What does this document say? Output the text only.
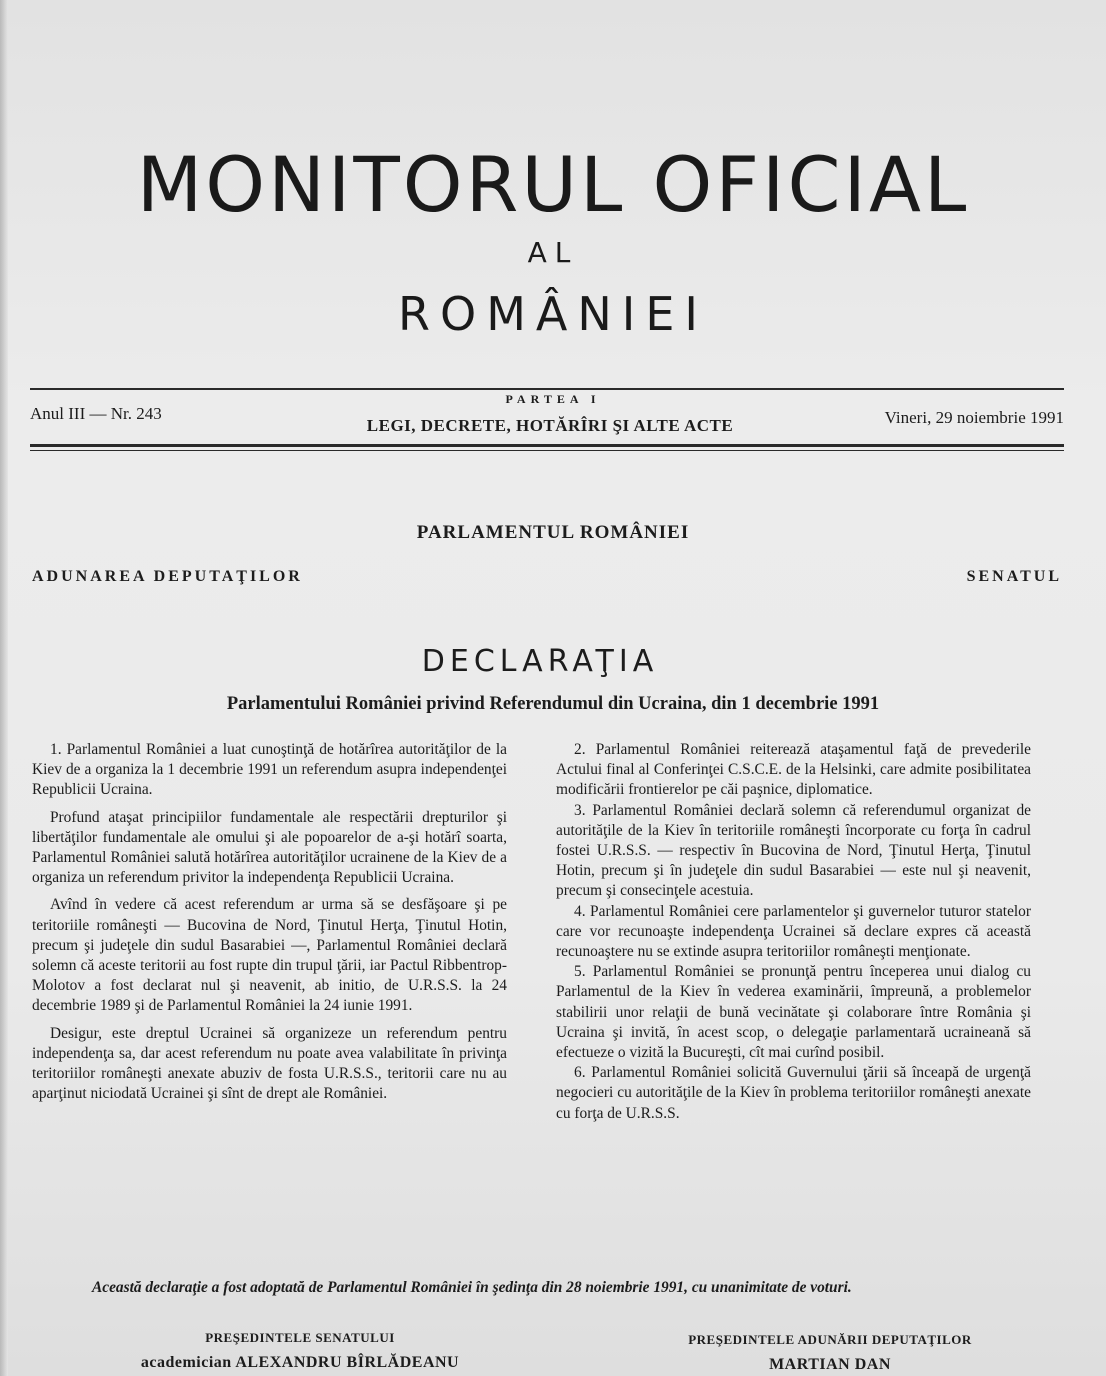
MONITORUL OFICIAL
AL
ROMÂNIEI
Anul III — Nr. 243
PARTEA I
LEGI, DECRETE, HOTĂRÎRI ŞI ALTE ACTE	Vineri, 29 noiembrie 1991
PARLAMENTUL ROMÂNIEI
ADUNAREA DEPUTAŢILOR	SENATUL
DECLARAŢIA
Parlamentului României privind Referendumul din Ucraina, din 1 decembrie 1991

1. Parlamentul României a luat cunoştinţă de hotărîrea autorităţilor de la Kiev de a organiza la 1 decembrie 1991 un referendum asupra independenţei Republicii Ucraina.

Profund ataşat principiilor fundamentale ale respectării drepturilor şi libertăţilor fundamentale ale omului şi ale popoarelor de a-şi hotărî soarta, Parlamentul României salută hotărîrea autorităţilor ucrainene de la Kiev de a organiza un referendum privitor la independenţa Republicii Ucraina.

Avînd în vedere că acest referendum ar urma să se desfăşoare şi pe teritoriile româneşti — Bucovina de Nord, Ţinutul Herţa, Ţinutul Hotin, precum şi judeţele din sudul Basarabiei —, Parlamentul României declară solemn că aceste teritorii au fost rupte din trupul ţării, iar Pactul Ribbentrop-Molotov a fost declarat nul şi neavenit, ab initio, de U.R.S.S. la 24 decembrie 1989 şi de Parlamentul României la 24 iunie 1991.

Desigur, este dreptul Ucrainei să organizeze un referendum pentru independenţa sa, dar acest referendum nu poate avea valabilitate în privinţa teritoriilor româneşti anexate abuziv de fosta U.R.S.S., teritorii care nu au aparţinut niciodată Ucrainei şi sînt de drept ale României.

2. Parlamentul României reiterează ataşamentul faţă de prevederile Actului final al Conferinţei C.S.C.E. de la Helsinki, care admite posibilitatea modificării frontierelor pe căi paşnice, diplomatice.

3. Parlamentul României declară solemn că referendumul organizat de autorităţile de la Kiev în teritoriile româneşti încorporate cu forţa în cadrul fostei U.R.S.S. — respectiv în Bucovina de Nord, Ţinutul Herţa, Ţinutul Hotin, precum şi în judeţele din sudul Basarabiei — este nul şi neavenit, precum şi consecinţele acestuia.

4. Parlamentul României cere parlamentelor şi guvernelor tuturor statelor care vor recunoaşte independenţa Ucrainei să declare expres că această recunoaştere nu se extinde asupra teritoriilor româneşti menţionate.

5. Parlamentul României se pronunţă pentru începerea unui dialog cu Parlamentul de la Kiev în vederea examinării, împreună, a problemelor stabilirii unor relaţii de bună vecinătate şi colaborare între România şi Ucraina şi invită, în acest scop, o delegaţie parlamentară ucraineană să efectueze o vizită la Bucureşti, cît mai curînd posibil.

6. Parlamentul României solicită Guvernului ţării să înceapă de urgenţă negocieri cu autorităţile de la Kiev în problema teritoriilor româneşti anexate cu forţa de U.R.S.S.

Această declaraţie a fost adoptată de Parlamentul României în şedinţa din 28 noiembrie 1991, cu unanimitate de voturi.
PREŞEDINTELE SENATULUI
academician ALEXANDRU BÎRLĂDEANU
PREŞEDINTELE ADUNĂRII DEPUTAŢILOR
MARTIAN DAN
